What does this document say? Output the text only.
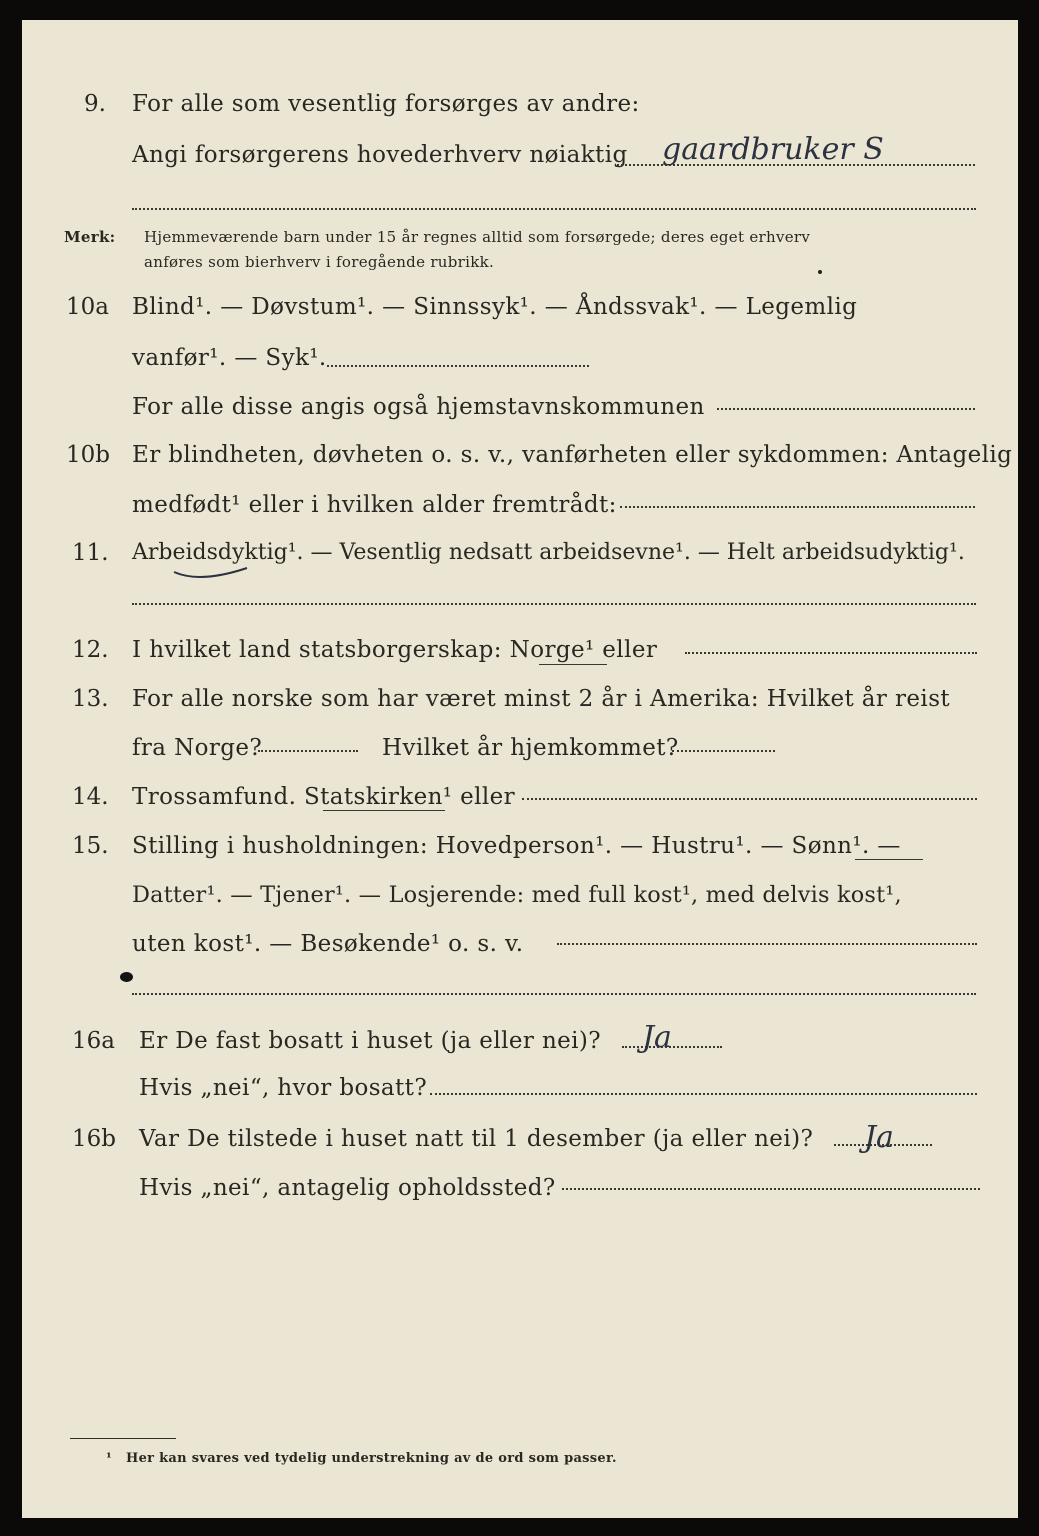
9. For alle som vesentlig forsørges av andre:
Angi forsørgerens hovederhverv nøiaktig gaardbruker S
Merk: Hjemmeværende barn under 15 år regnes alltid som forsørgede; deres eget erhverv
anføres som bierhverv i foregående rubrikk.
10a Blind¹. — Døvstum¹. — Sinnssyk¹. — Åndssvak¹. — Legemlig
vanfør¹. — Syk¹.
For alle disse angis også hjemstavnskommunen
10b Er blindheten, døvheten o. s. v., vanførheten eller sykdommen: Antagelig
medfødt¹ eller i hvilken alder fremtrådt:
11. Arbeidsdyktig¹. — Vesentlig nedsatt arbeidsevne¹. — Helt arbeidsudyktig¹.
12. I hvilket land statsborgerskap: Norge¹ eller
13. For alle norske som har været minst 2 år i Amerika: Hvilket år reist
fra Norge?	Hvilket år hjemkommet?
14. Trossamfund. Statskirken¹ eller
15. Stilling i husholdningen: Hovedperson¹. — Hustru¹. — Sønn¹. —
Datter¹. — Tjener¹. — Losjerende: med full kost¹, med delvis kost¹,
uten kost¹. — Besøkende¹ o. s. v.
16a Er De fast bosatt i huset (ja eller nei)? Ja
Hvis „nei“, hvor bosatt?
16b Var De tilstede i huset natt til 1 desember (ja eller nei)? Ja
Hvis „nei“, antagelig opholdssted?
¹ Her kan svares ved tydelig understrekning av de ord som passer.
